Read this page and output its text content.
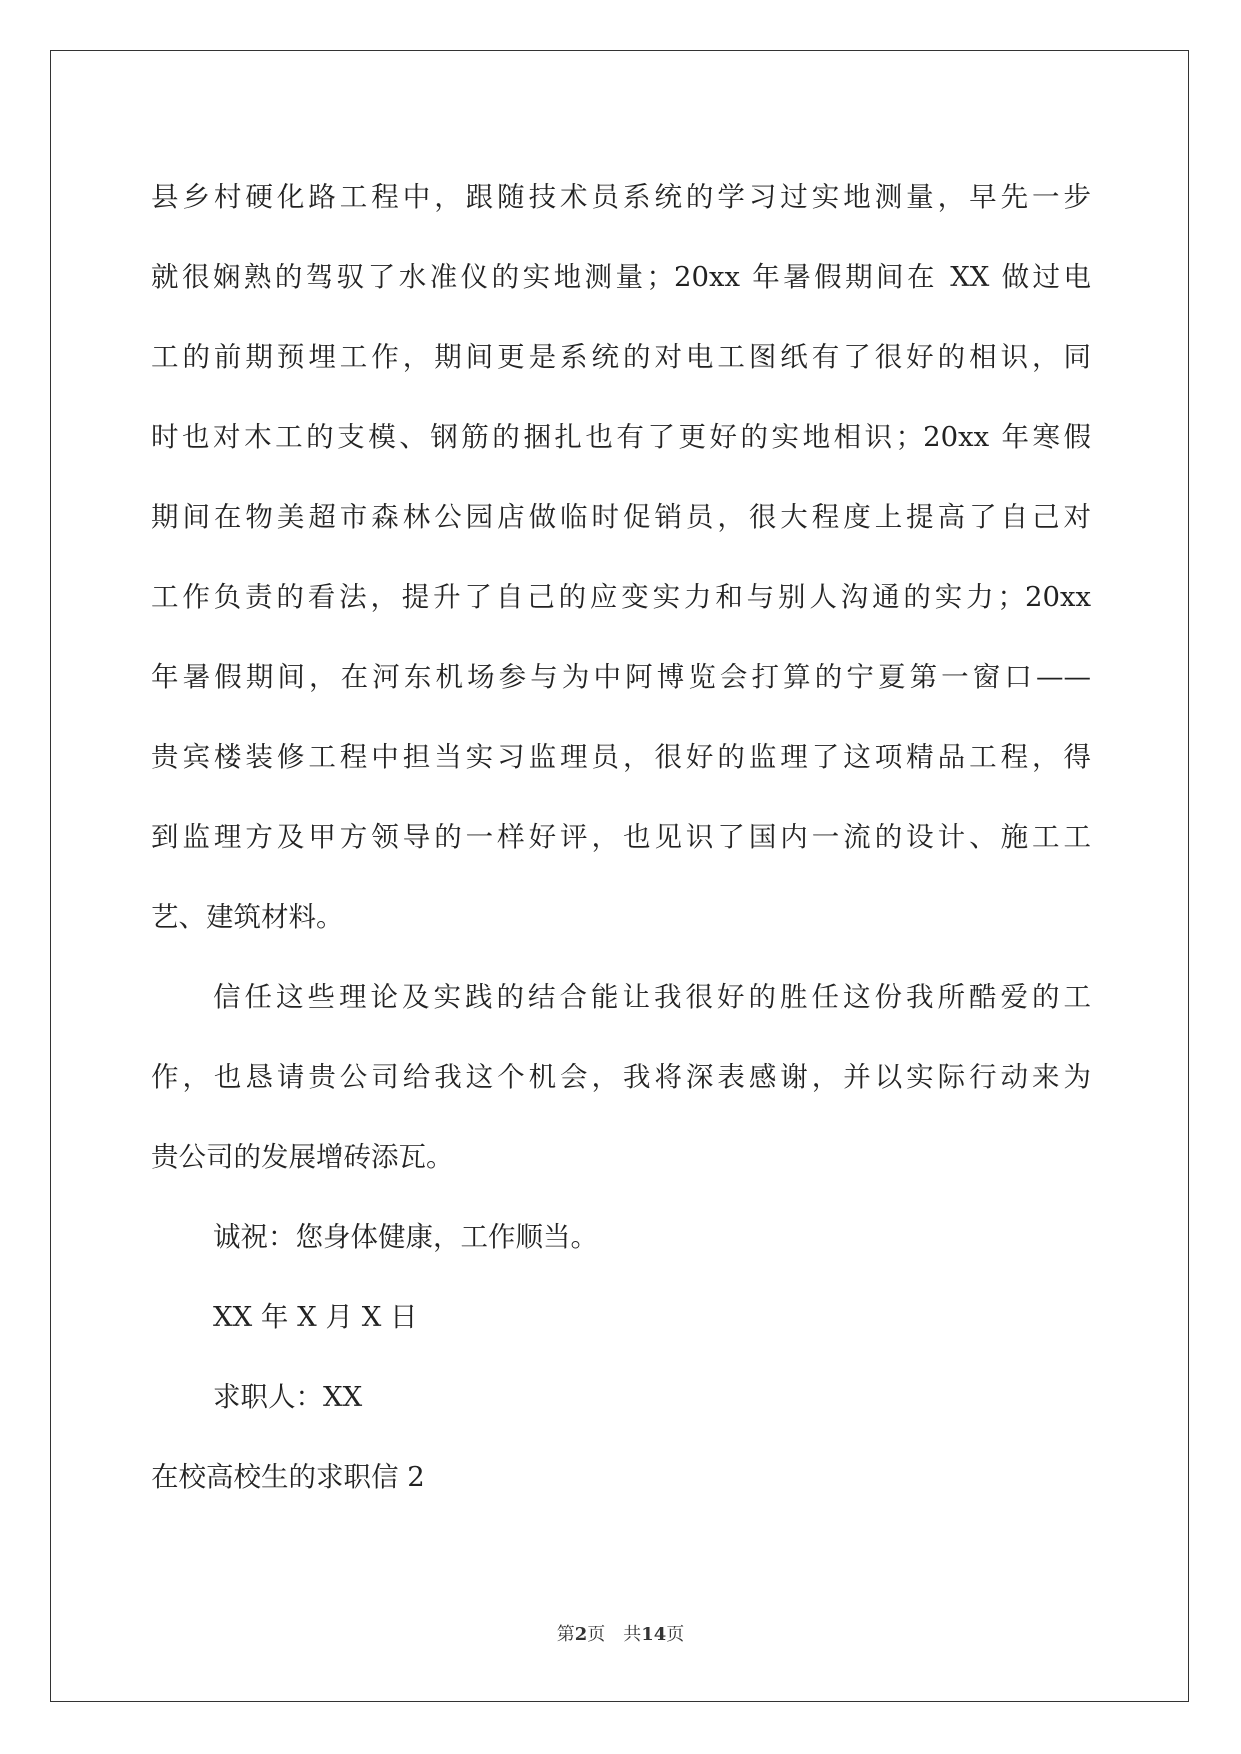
县乡村硬化路工程中，跟随技术员系统的学习过实地测量，早先一步
就很娴熟的驾驭了水准仪的实地测量；20xx 年暑假期间在 XX 做过电
工的前期预埋工作，期间更是系统的对电工图纸有了很好的相识，同
时也对木工的支模、钢筋的捆扎也有了更好的实地相识；20xx 年寒假
期间在物美超市森林公园店做临时促销员，很大程度上提高了自己对
工作负责的看法，提升了自己的应变实力和与别人沟通的实力；20xx
年暑假期间，在河东机场参与为中阿博览会打算的宁夏第一窗口——
贵宾楼装修工程中担当实习监理员，很好的监理了这项精品工程，得
到监理方及甲方领导的一样好评，也见识了国内一流的设计、施工工
艺、建筑材料。
信任这些理论及实践的结合能让我很好的胜任这份我所酷爱的工
作，也恳请贵公司给我这个机会，我将深表感谢，并以实际行动来为
贵公司的发展增砖添瓦。
诚祝：您身体健康，工作顺当。
XX 年 X 月 X 日
求职人：XX
在校高校生的求职信 2
第2页 共14页
